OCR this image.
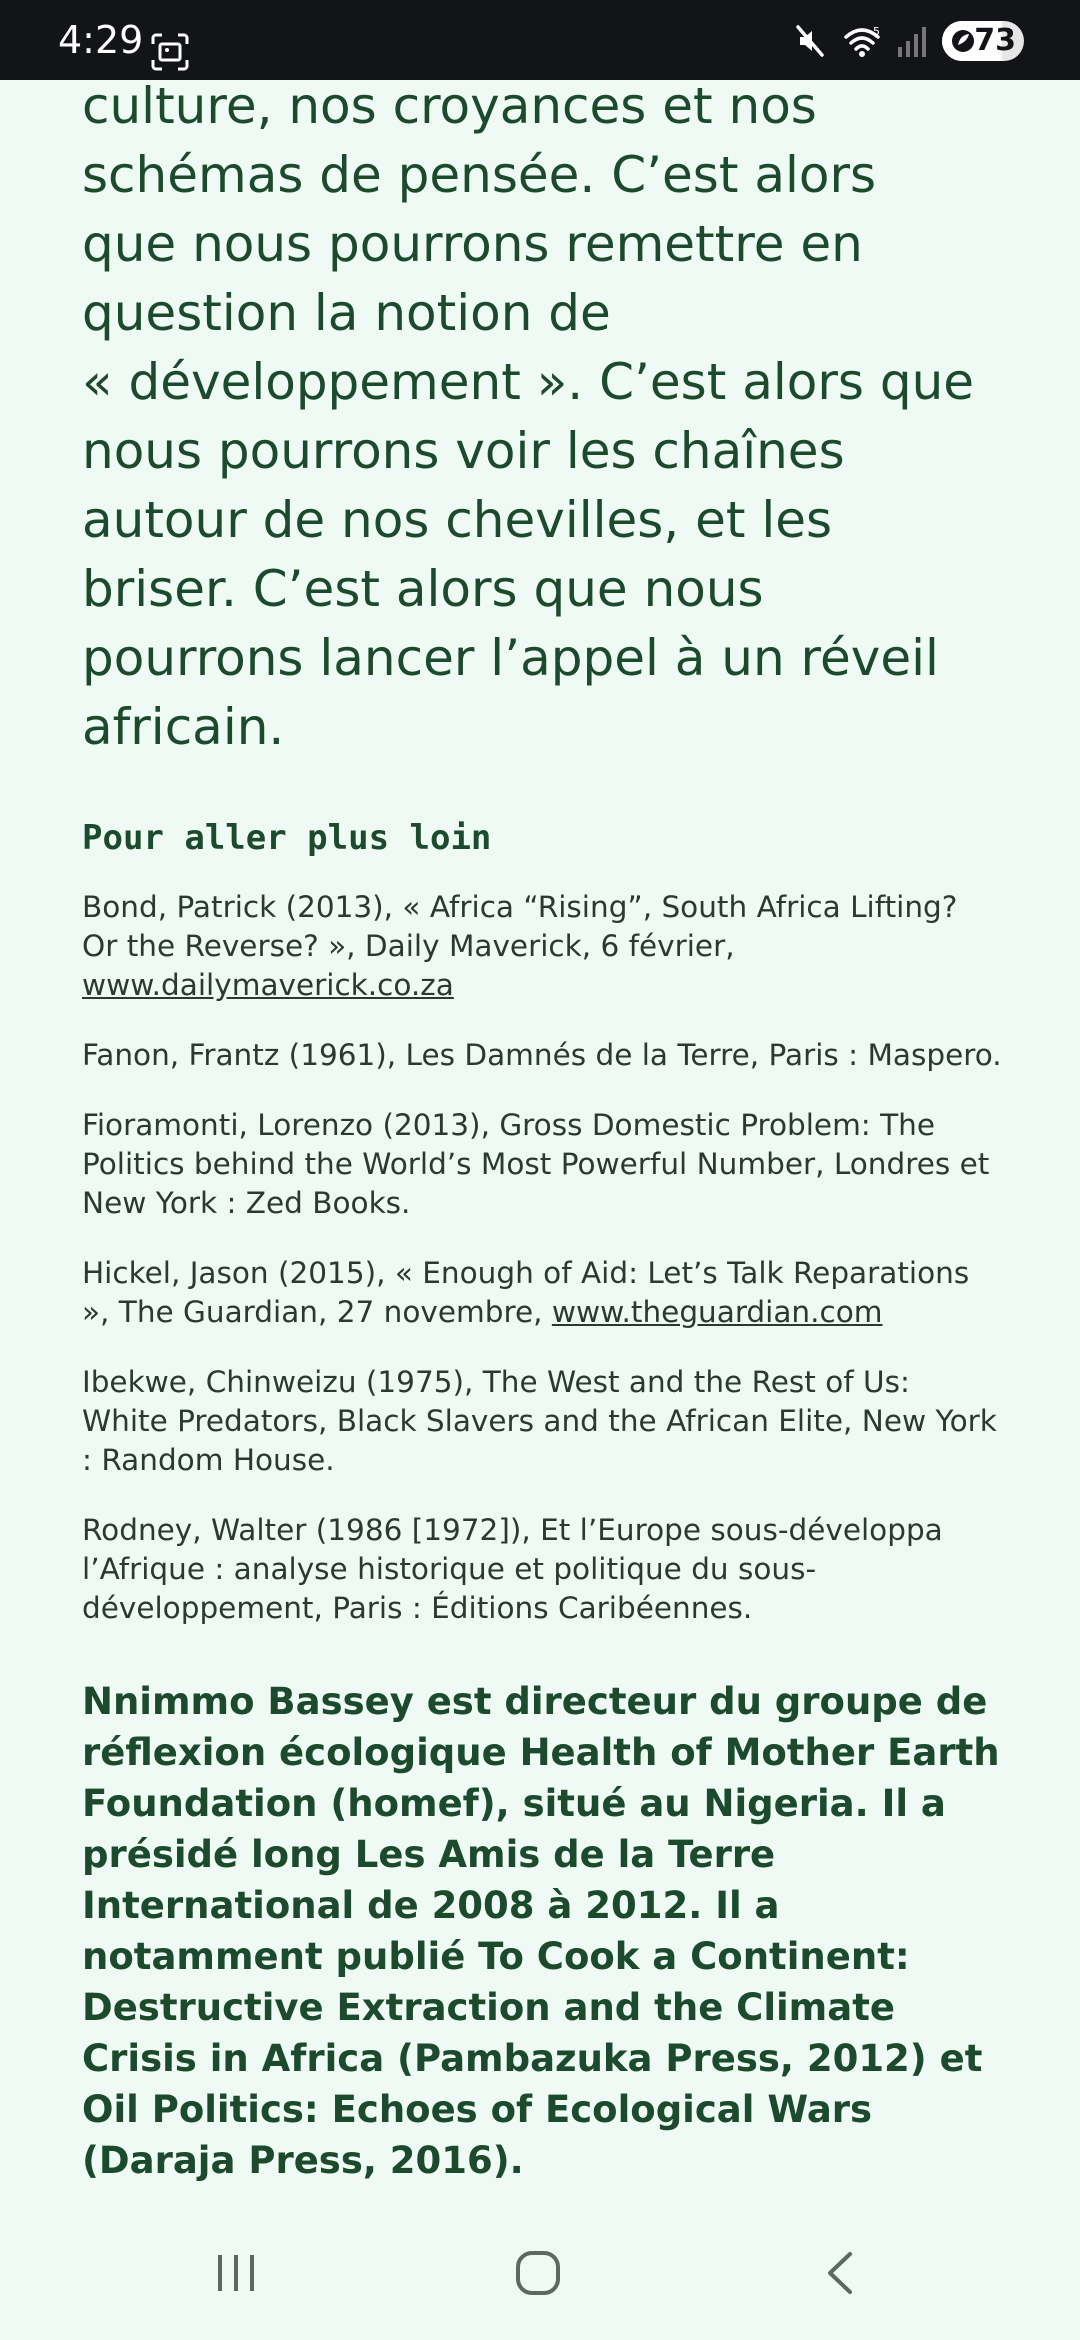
4:29	5	73

culture, nos croyances et nos
schémas de pensée. C’est alors
que nous pourrons remettre en
question la notion de
« développement ». C’est alors que
nous pourrons voir les chaînes
autour de nos chevilles, et les
briser. C’est alors que nous
pourrons lancer l’appel à un réveil
africain.

Pour aller plus loin

Bond, Patrick (2013), « Africa “Rising”, South Africa Lifting? Or the Reverse? », Daily Maverick, 6 février, www.dailymaverick.co.za

Fanon, Frantz (1961), Les Damnés de la Terre, Paris : Maspero.

Fioramonti, Lorenzo (2013), Gross Domestic Problem: The Politics behind the World’s Most Powerful Number, Londres et New York : Zed Books.

Hickel, Jason (2015), « Enough of Aid: Let’s Talk Reparations », The Guardian, 27 novembre, www.theguardian.com

Ibekwe, Chinweizu (1975), The West and the Rest of Us: White Predators, Black Slavers and the African Elite, New York : Random House.

Rodney, Walter (1986 [1972]), Et l’Europe sous-développa l’Afrique : analyse historique et politique du sous-développement, Paris : Éditions Caribéennes.

Nnimmo Bassey est directeur du groupe de réflexion écologique Health of Mother Earth Foundation (homef), situé au Nigeria. Il a présidé long Les Amis de la Terre International de 2008 à 2012. Il a notamment publié To Cook a Continent: Destructive Extraction and the Climate Crisis in Africa (Pambazuka Press, 2012) et Oil Politics: Echoes of Ecological Wars (Daraja Press, 2016).
